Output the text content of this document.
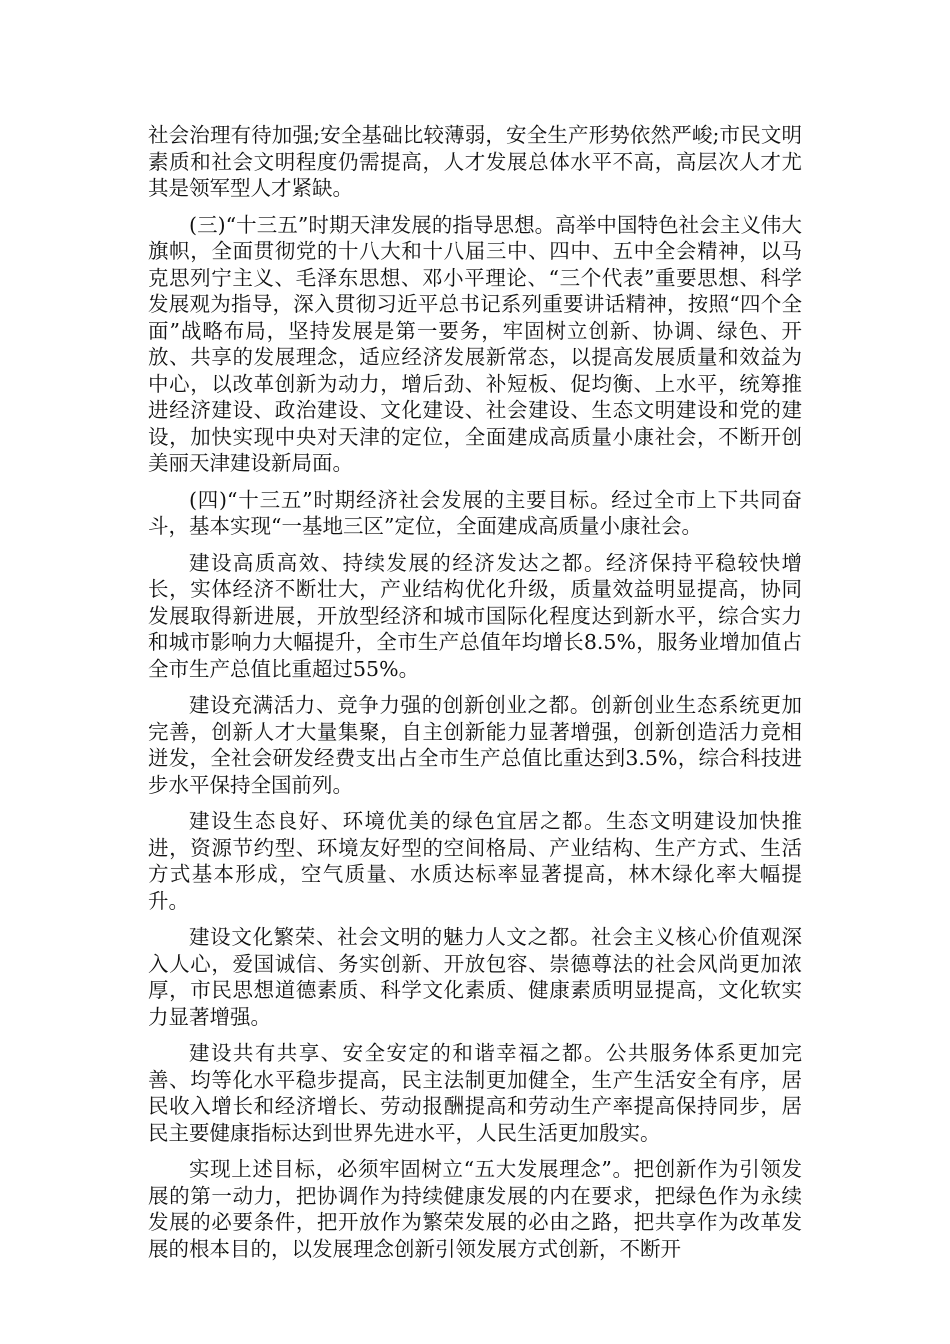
社会治理有待加强;安全基础比较薄弱，安全生产形势依然严峻;市民文明素质和社会文明程度仍需提高，人才发展总体水平不高，高层次人才尤其是领军型人才紧缺。

(三)“十三五”时期天津发展的指导思想。高举中国特色社会主义伟大旗帜，全面贯彻党的十八大和十八届三中、四中、五中全会精神，以马克思列宁主义、毛泽东思想、邓小平理论、“三个代表”重要思想、科学发展观为指导，深入贯彻习近平总书记系列重要讲话精神，按照“四个全面”战略布局，坚持发展是第一要务，牢固树立创新、协调、绿色、开放、共享的发展理念，适应经济发展新常态，以提高发展质量和效益为中心，以改革创新为动力，增后劲、补短板、促均衡、上水平，统筹推进经济建设、政治建设、文化建设、社会建设、生态文明建设和党的建设，加快实现中央对天津的定位，全面建成高质量小康社会，不断开创美丽天津建设新局面。

(四)“十三五”时期经济社会发展的主要目标。经过全市上下共同奋斗，基本实现“一基地三区”定位，全面建成高质量小康社会。

建设高质高效、持续发展的经济发达之都。经济保持平稳较快增长，实体经济不断壮大，产业结构优化升级，质量效益明显提高，协同发展取得新进展，开放型经济和城市国际化程度达到新水平，综合实力和城市影响力大幅提升，全市生产总值年均增长8.5%，服务业增加值占全市生产总值比重超过55%。

建设充满活力、竞争力强的创新创业之都。创新创业生态系统更加完善，创新人才大量集聚，自主创新能力显著增强，创新创造活力竞相迸发，全社会研发经费支出占全市生产总值比重达到3.5%，综合科技进步水平保持全国前列。

建设生态良好、环境优美的绿色宜居之都。生态文明建设加快推进，资源节约型、环境友好型的空间格局、产业结构、生产方式、生活方式基本形成，空气质量、水质达标率显著提高，林木绿化率大幅提升。

建设文化繁荣、社会文明的魅力人文之都。社会主义核心价值观深入人心，爱国诚信、务实创新、开放包容、崇德尊法的社会风尚更加浓厚，市民思想道德素质、科学文化素质、健康素质明显提高，文化软实力显著增强。

建设共有共享、安全安定的和谐幸福之都。公共服务体系更加完善、均等化水平稳步提高，民主法制更加健全，生产生活安全有序，居民收入增长和经济增长、劳动报酬提高和劳动生产率提高保持同步，居民主要健康指标达到世界先进水平，人民生活更加殷实。

实现上述目标，必须牢固树立“五大发展理念”。把创新作为引领发展的第一动力，把协调作为持续健康发展的内在要求，把绿色作为永续发展的必要条件，把开放作为繁荣发展的必由之路，把共享作为改革发展的根本目的，以发展理念创新引领发展方式创新，不断开
